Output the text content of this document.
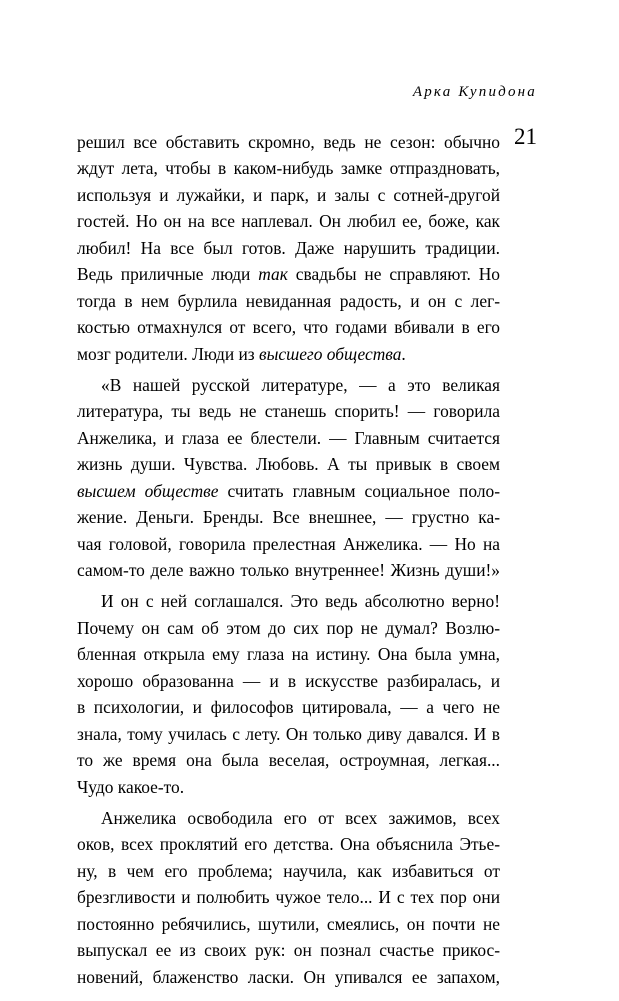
Арка Купидона
21
решил все обставить скромно, ведь не сезон: обычно
ждут лета, чтобы в каком-нибудь замке отпраздновать,
используя и лужайки, и парк, и залы с сотней-другой
гостей. Но он на все наплевал. Он любил ее, боже, как
любил! На все был готов. Даже нарушить традиции.
Ведь приличные люди так свадьбы не справляют. Но
тогда в нем бурлила невиданная радость, и он с лег-
костью отмахнулся от всего, что годами вбивали в его
мозг родители. Люди из высшего общества.
«В нашей русской литературе, — а это великая
литература, ты ведь не станешь спорить! — говорила
Анжелика, и глаза ее блестели. — Главным считается
жизнь души. Чувства. Любовь. А ты привык в своем
высшем обществе считать главным социальное поло-
жение. Деньги. Бренды. Все внешнее, — грустно ка-
чая головой, говорила прелестная Анжелика. — Но на
самом-то деле важно только внутреннее! Жизнь души!»
И он с ней соглашался. Это ведь абсолютно верно!
Почему он сам об этом до сих пор не думал? Возлю-
бленная открыла ему глаза на истину. Она была умна,
хорошо образованна — и в искусстве разбиралась, и
в психологии, и философов цитировала, — а чего не
знала, тому училась с лету. Он только диву давался. И в
то же время она была веселая, остроумная, легкая...
Чудо какое-то.
Анжелика освободила его от всех зажимов, всех
оков, всех проклятий его детства. Она объяснила Этье-
ну, в чем его проблема; научила, как избавиться от
брезгливости и полюбить чужое тело... И с тех пор они
постоянно ребячились, шутили, смеялись, он почти не
выпускал ее из своих рук: он познал счастье прикос-
новений, блаженство ласки. Он упивался ее запахом,
